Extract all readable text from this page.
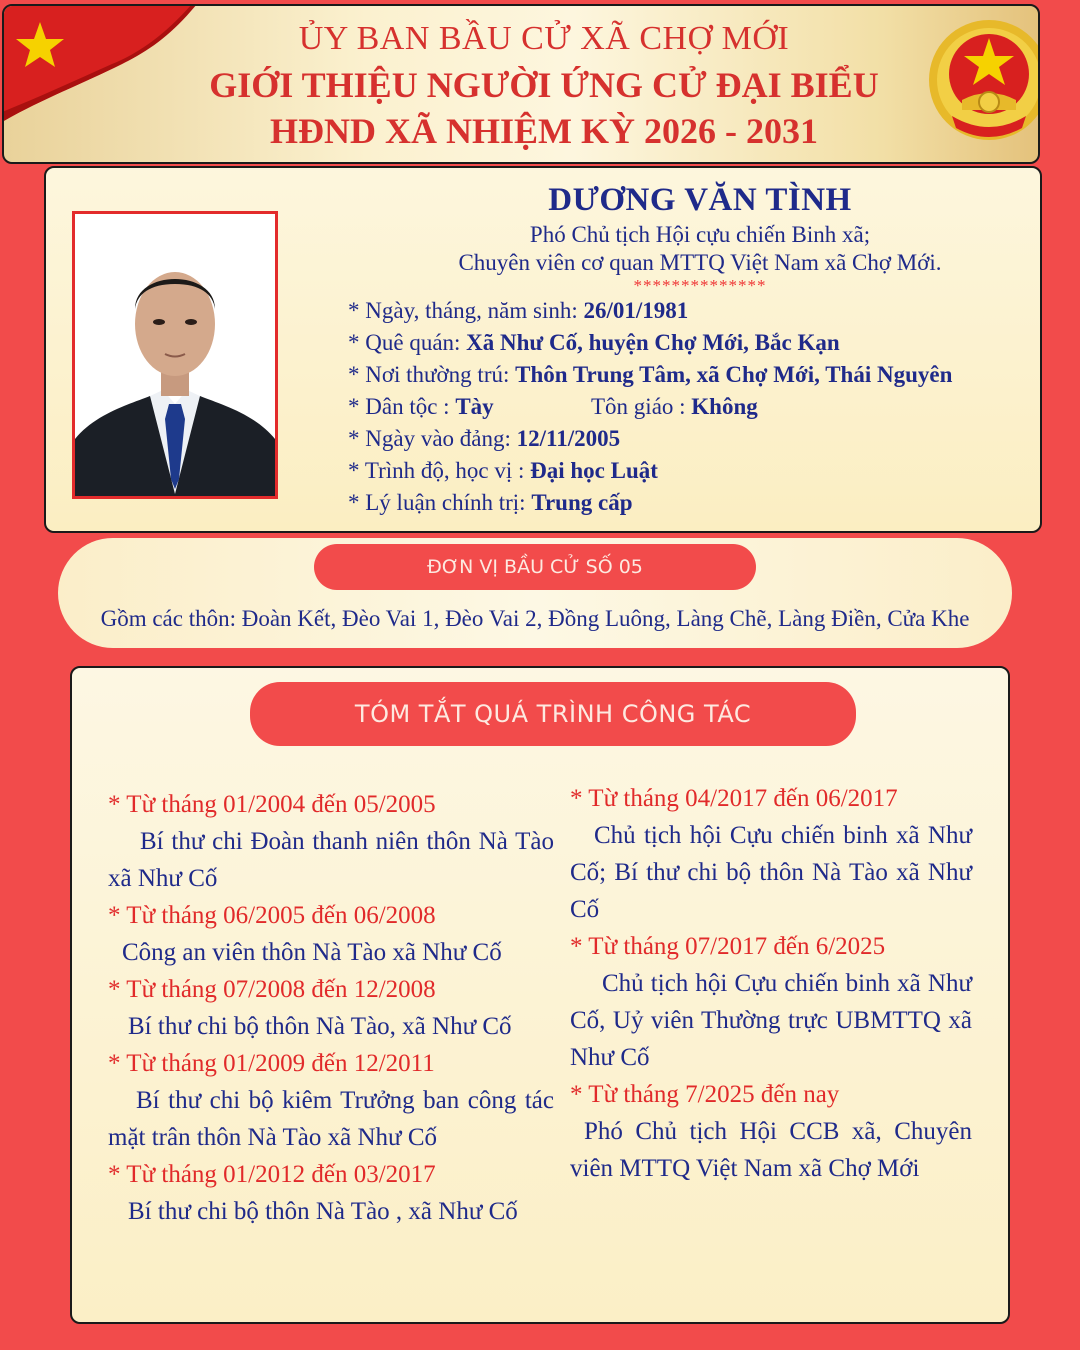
ỦY BAN BẦU CỬ XÃ CHỢ MỚI
GIỚI THIỆU NGƯỜI ỨNG CỬ ĐẠI BIỂU
HĐND XÃ NHIỆM KỲ 2026 - 2031
DƯƠNG VĂN TÌNH
Phó Chủ tịch Hội cựu chiến Binh xã;
Chuyên viên cơ quan MTTQ Việt Nam xã Chợ Mới.
**************
* Ngày, tháng, năm sinh: 26/01/1981
* Quê quán: Xã Như Cố, huyện Chợ Mới, Bắc Kạn
* Nơi thường trú: Thôn Trung Tâm, xã Chợ Mới, Thái Nguyên
* Dân tộc : Tày	Tôn giáo : Không
* Ngày vào đảng: 12/11/2005
* Trình độ, học vị : Đại học Luật
* Lý luận chính trị: Trung cấp
ĐƠN VỊ BẦU CỬ SỐ 05
Gồm các thôn: Đoàn Kết, Đèo Vai 1, Đèo Vai 2, Đồng Luông, Làng Chẽ, Làng Điền, Cửa Khe
TÓM TẮT QUÁ TRÌNH CÔNG TÁC
* Từ tháng 01/2004 đến 05/2005
Bí thư chi Đoàn thanh niên thôn Nà Tào xã Như Cố
* Từ tháng 06/2005 đến 06/2008
Công an viên thôn Nà Tào xã Như Cố
* Từ tháng 07/2008 đến 12/2008
Bí thư chi bộ thôn Nà Tào, xã Như Cố
* Từ tháng 01/2009 đến 12/2011
Bí thư chi bộ kiêm Trưởng ban công tác mặt trân thôn Nà Tào xã Như Cố
* Từ tháng 01/2012 đến 03/2017
Bí thư chi bộ thôn Nà Tào , xã Như Cố
* Từ tháng 04/2017 đến 06/2017
Chủ tịch hội Cựu chiến binh xã Như Cố; Bí thư chi bộ thôn Nà Tào xã Như Cố
* Từ tháng 07/2017 đến 6/2025
Chủ tịch hội Cựu chiến binh xã Như Cố, Uỷ viên Thường trực UBMTTQ xã Như Cố
* Từ tháng 7/2025 đến nay
Phó Chủ tịch Hội CCB xã, Chuyên viên MTTQ Việt Nam xã Chợ Mới
